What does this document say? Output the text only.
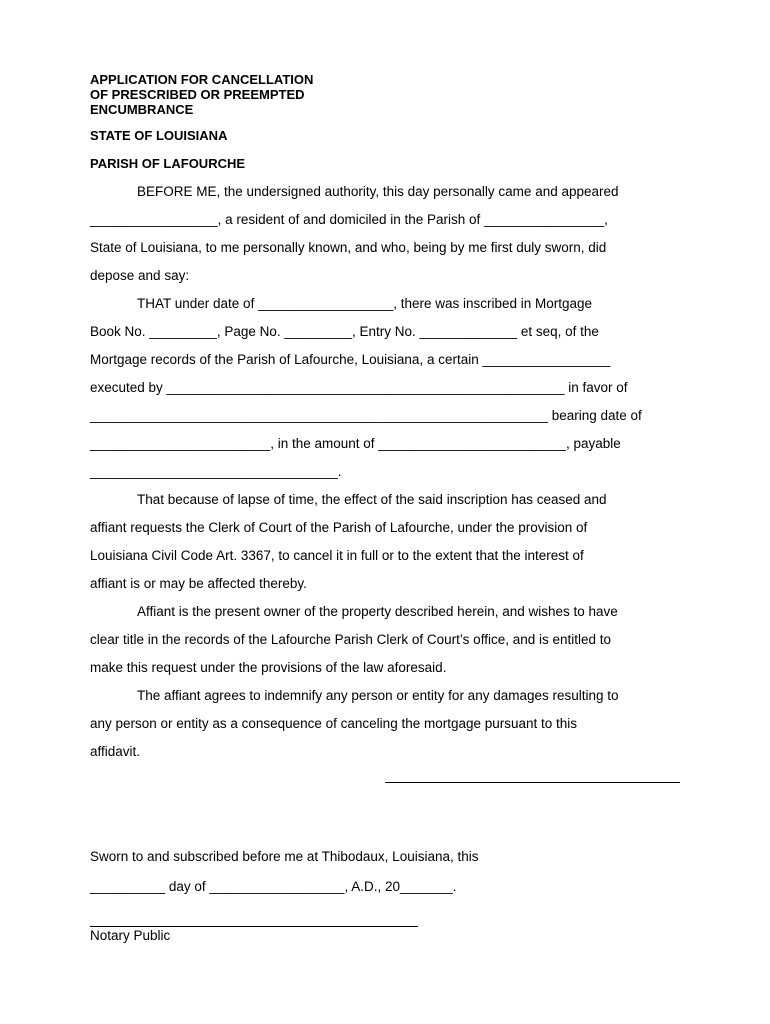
APPLICATION FOR CANCELLATION
OF PRESCRIBED OR PREEMPTED
ENCUMBRANCE

STATE OF LOUISIANA

PARISH OF LAFOURCHE

BEFORE ME, the undersigned authority, this day personally came and appeared
_________________, a resident of and domiciled in the Parish of ________________,
State of Louisiana, to me personally known, and who, being by me first duly sworn, did
depose and say:
THAT under date of __________________, there was inscribed in Mortgage
Book No. _________, Page No. _________, Entry No. _____________ et seq, of the
Mortgage records of the Parish of Lafourche, Louisiana, a certain _________________
executed by _____________________________________________________ in favor of
_____________________________________________________________ bearing date of
________________________, in the amount of _________________________, payable
_________________________________.
That because of lapse of time, the effect of the said inscription has ceased and
affiant requests the Clerk of Court of the Parish of Lafourche, under the provision of
Louisiana Civil Code Art. 3367, to cancel it in full or to the extent that the interest of
affiant is or may be affected thereby.
Affiant is the present owner of the property described herein, and wishes to have
clear title in the records of the Lafourche Parish Clerk of Court’s office, and is entitled to
make this request under the provisions of the law aforesaid.
The affiant agrees to indemnify any person or entity for any damages resulting to
any person or entity as a consequence of canceling the mortgage pursuant to this
affidavit.
Sworn to and subscribed before me at Thibodaux, Louisiana, this
__________ day of __________________, A.D., 20_______.

Notary Public
